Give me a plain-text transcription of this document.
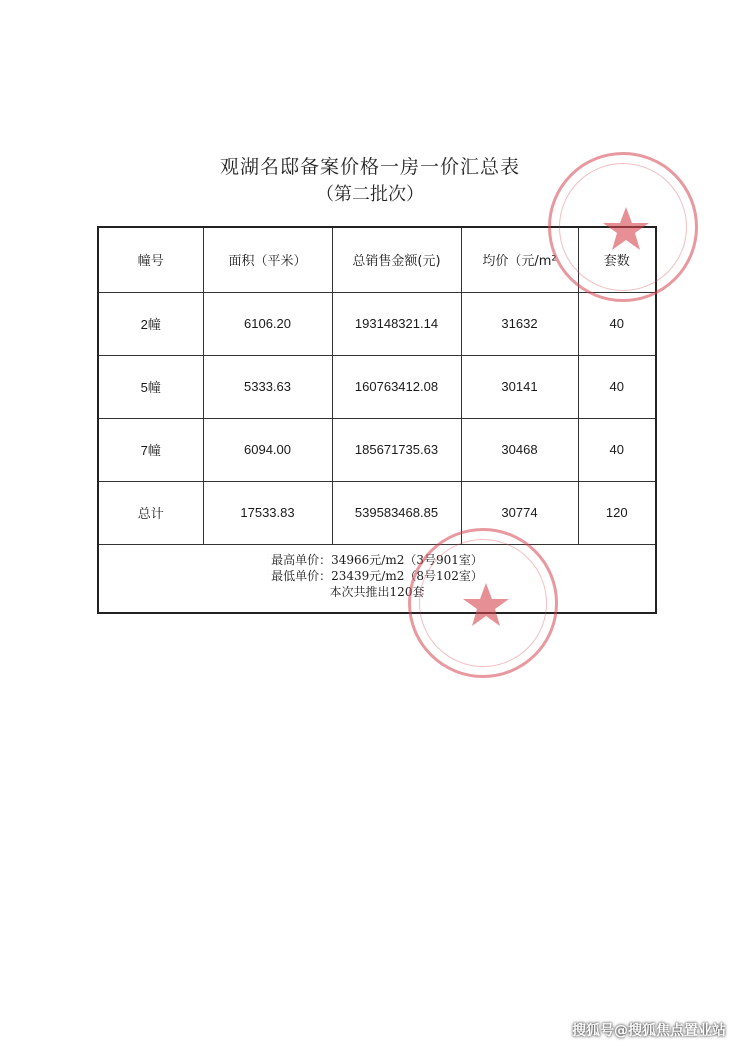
观湖名邸备案价格一房一价汇总表
（第二批次）
幢号	面积（平米）	总销售金额(元)	均价（元/m²	套数
2幢	6106.20	193148321.14	31632	40
5幢	5333.63	160763412.08	30141	40
7幢	6094.00	185671735.63	30468	40
总计	17533.83	539583468.85	30774	120
最高单价：34966元/m2（3号901室）
最低单价：23439元/m2（8号102室）
本次共推出120套
搜狐号@搜狐焦点置业站
